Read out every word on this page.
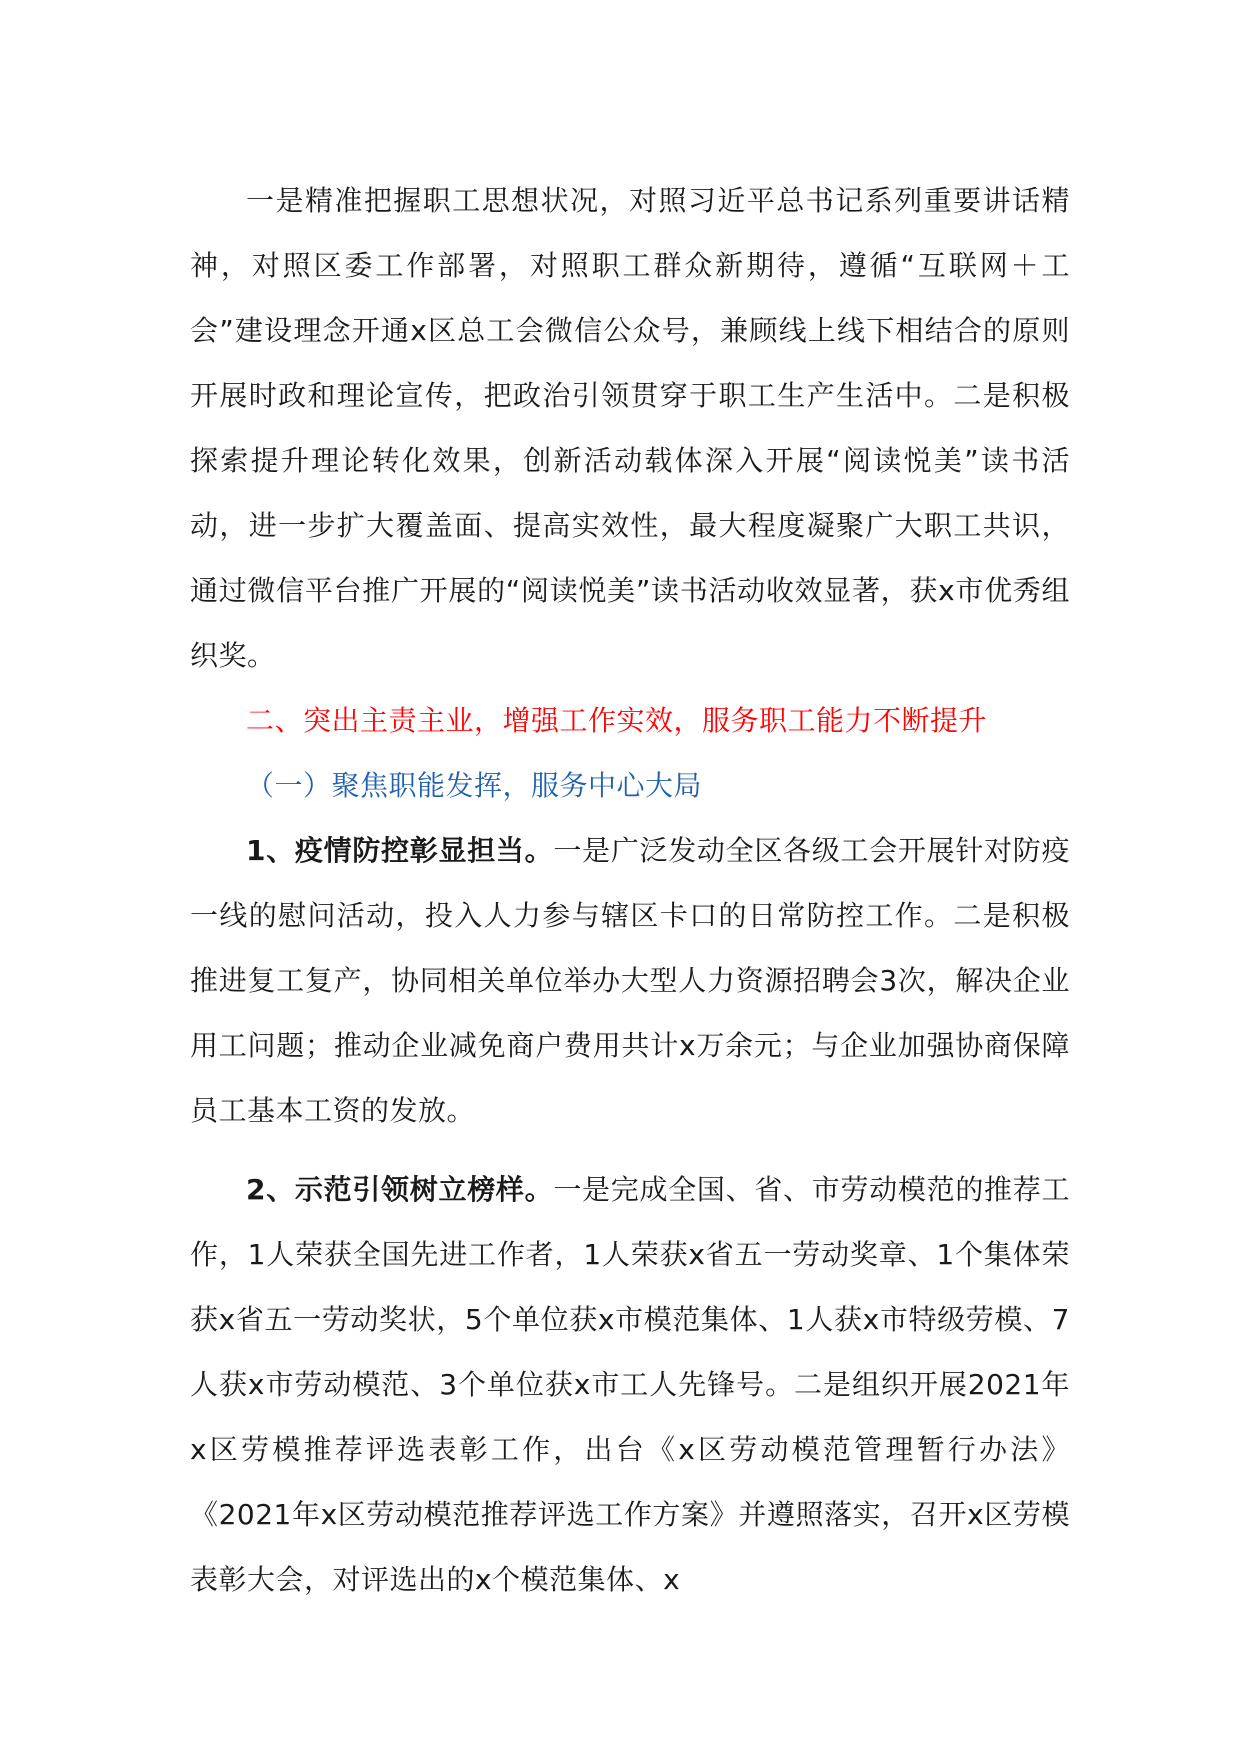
一是精准把握职工思想状况，对照习近平总书记系列重要讲话精神，对照区委工作部署，对照职工群众新期待，遵循“互联网＋工会”建设理念开通x区总工会微信公众号，兼顾线上线下相结合的原则开展时政和理论宣传，把政治引领贯穿于职工生产生活中。二是积极探索提升理论转化效果，创新活动载体深入开展“阅读悦美”读书活动，进一步扩大覆盖面、提高实效性，最大程度凝聚广大职工共识，通过微信平台推广开展的“阅读悦美”读书活动收效显著，获x市优秀组织奖。

二、突出主责主业，增强工作实效，服务职工能力不断提升

（一）聚焦职能发挥，服务中心大局

1、疫情防控彰显担当。一是广泛发动全区各级工会开展针对防疫一线的慰问活动，投入人力参与辖区卡口的日常防控工作。二是积极推进复工复产，协同相关单位举办大型人力资源招聘会3次，解决企业用工问题；推动企业减免商户费用共计x万余元；与企业加强协商保障员工基本工资的发放。

2、示范引领树立榜样。一是完成全国、省、市劳动模范的推荐工作，1人荣获全国先进工作者，1人荣获x省五一劳动奖章、1个集体荣获x省五一劳动奖状，5个单位获x市模范集体、1人获x市特级劳模、7人获x市劳动模范、3个单位获x市工人先锋号。二是组织开展2021年x区劳模推荐评选表彰工作，出台《x区劳动模范管理暂行办法》《2021年x区劳动模范推荐评选工作方案》并遵照落实，召开x区劳模表彰大会，对评选出的x个模范集体、x
